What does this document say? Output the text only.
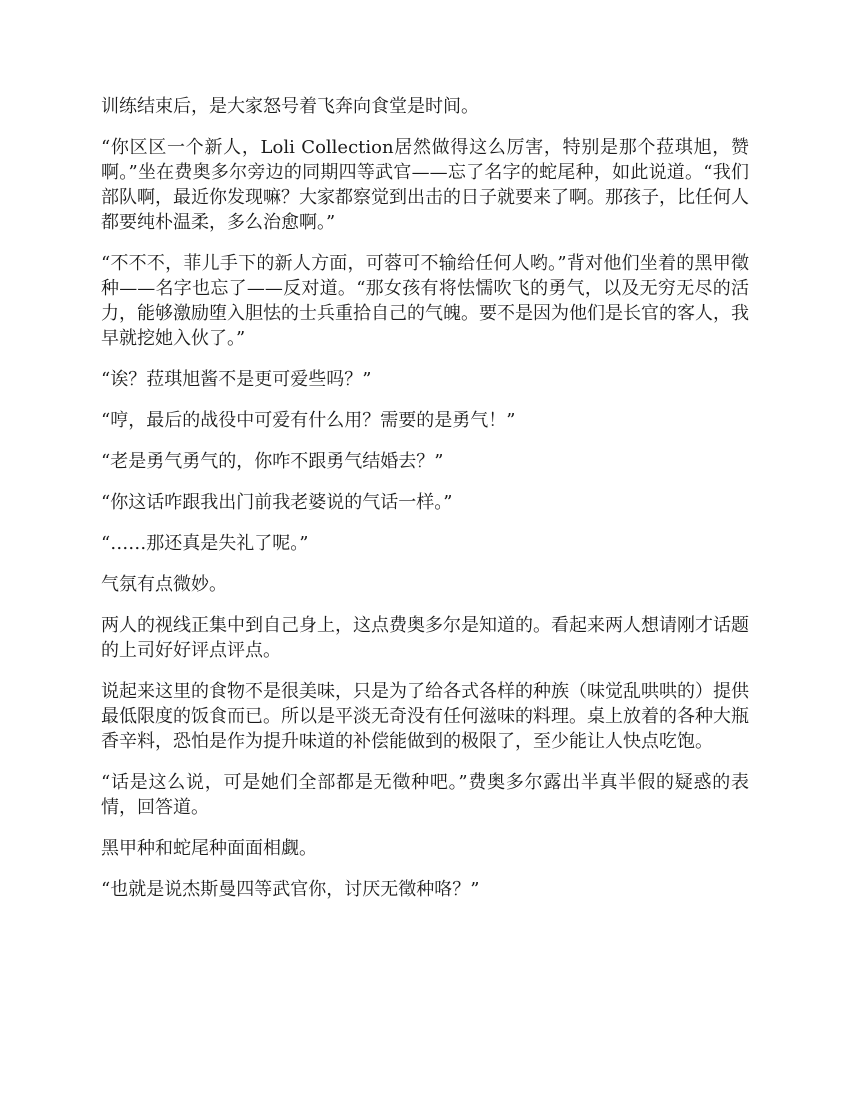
训练结束后，是大家怒号着飞奔向食堂是时间。

“你区区一个新人，Loli Collection居然做得这么厉害，特别是那个菈琪旭，赞啊。”坐在费奥多尔旁边的同期四等武官——忘了名字的蛇尾种，如此说道。“我们部队啊，最近你发现嘛？大家都察觉到出击的日子就要来了啊。那孩子，比任何人都要纯朴温柔，多么治愈啊。”

“不不不，菲儿手下的新人方面，可蓉可不输给任何人哟。”背对他们坐着的黑甲徵种——名字也忘了——反对道。“那女孩有将怯懦吹飞的勇气，以及无穷无尽的活力，能够激励堕入胆怯的士兵重拾自己的气魄。要不是因为他们是长官的客人，我早就挖她入伙了。”

“诶？菈琪旭酱不是更可爱些吗？”

“哼，最后的战役中可爱有什么用？需要的是勇气！”

“老是勇气勇气的，你咋不跟勇气结婚去？”

“你这话咋跟我出门前我老婆说的气话一样。”

“……那还真是失礼了呢。”

气氛有点微妙。

两人的视线正集中到自己身上，这点费奥多尔是知道的。看起来两人想请刚才话题的上司好好评点评点。

说起来这里的食物不是很美味，只是为了给各式各样的种族（味觉乱哄哄的）提供最低限度的饭食而已。所以是平淡无奇没有任何滋味的料理。桌上放着的各种大瓶香辛料，恐怕是作为提升味道的补偿能做到的极限了，至少能让人快点吃饱。

“话是这么说，可是她们全部都是无徵种吧。”费奥多尔露出半真半假的疑惑的表情，回答道。

黑甲种和蛇尾种面面相觑。

“也就是说杰斯曼四等武官你，讨厌无徵种咯？”
